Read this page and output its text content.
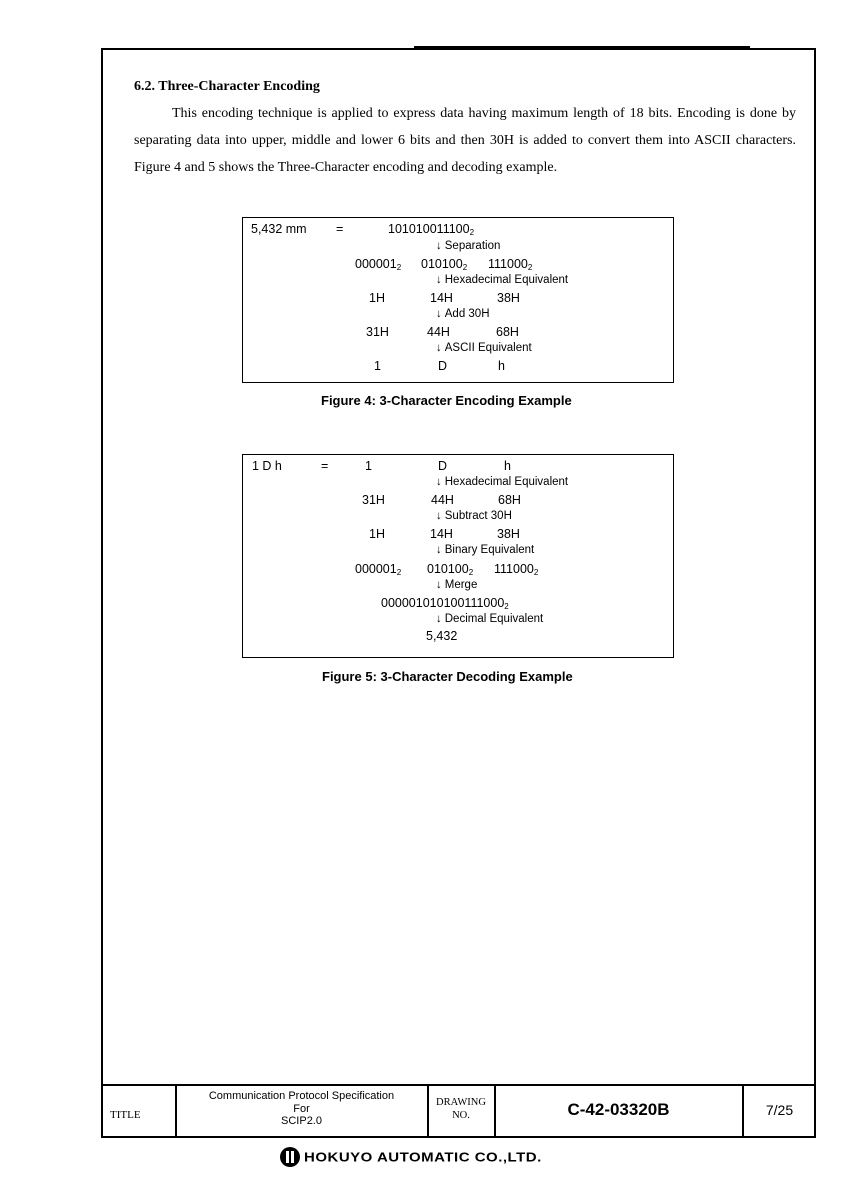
6.2. Three-Character Encoding
This encoding technique is applied to express data having maximum length of 18 bits. Encoding is done by separating data into upper, middle and lower 6 bits and then 30H is added to convert them into ASCII characters. Figure 4 and 5 shows the Three-Character encoding and decoding example.
5,432 mm =	$101010011100_2$
↓ Separation
$000001_2$ $010100_2$ $111000_2$
↓ Hexadecimal Equivalent
1H	14H	38H
↓ Add 30H
31H	44H	68H
↓ ASCII Equivalent
1	D	h
Figure 4: 3-Character Encoding Example
1 D h	=	1	D	h
↓ Hexadecimal Equivalent
31H	44H	68H
↓ Subtract 30H
1H	14H	38H
↓ Binary Equivalent
$000001_2$ $010100_2$ $111000_2$
↓ Merge
$000001010100111000_2$
↓ Decimal Equivalent
5,432
Figure 5: 3-Character Decoding Example
TITLE
Communication Protocol Specification
For
SCIP2.0
DRAWING
NO.	C-42-03320B	7/25
HOKUYO AUTOMATIC CO.,LTD.
